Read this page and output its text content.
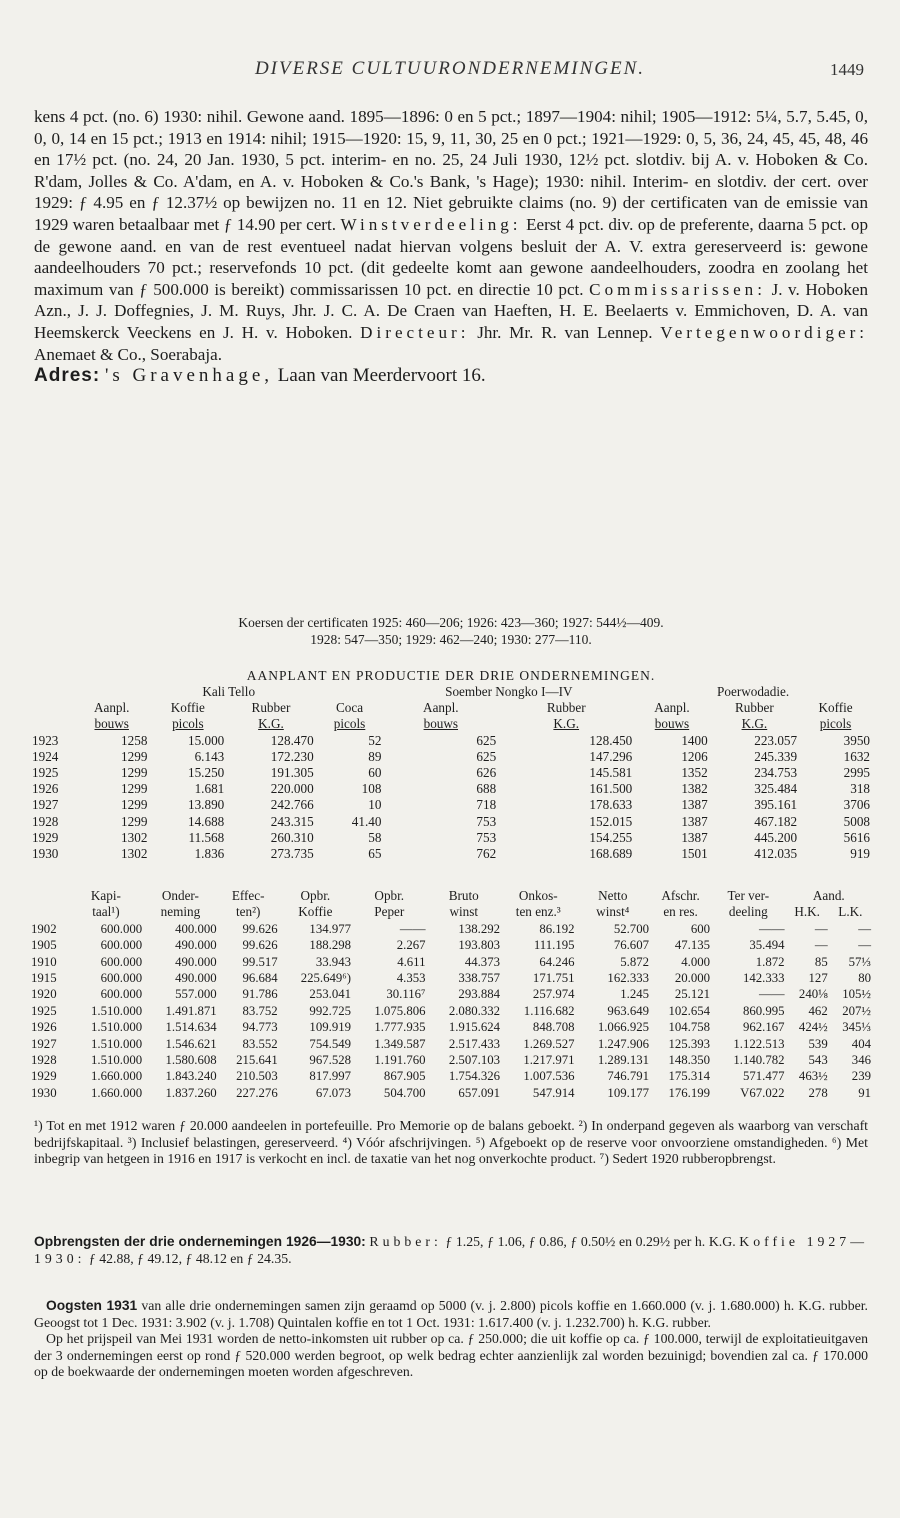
DIVERSE CULTUURONDERNEMINGEN.	1449

kens 4 pct. (no. 6) 1930: nihil. Gewone aand. 1895—1896: 0 en 5 pct.; 1897—1904: nihil; 1905—1912: 5¼, 5.7, 5.45, 0, 0, 0, 14 en 15 pct.; 1913 en 1914: nihil; 1915—1920: 15, 9, 11, 30, 25 en 0 pct.; 1921—1929: 0, 5, 36, 24, 45, 45, 48, 46 en 17½ pct. (no. 24, 20 Jan. 1930, 5 pct. interim- en no. 25, 24 Juli 1930, 12½ pct. slotdiv. bij A. v. Hoboken & Co. R'dam, Jolles & Co. A'dam, en A. v. Hoboken & Co.'s Bank, 's Hage); 1930: nihil. Interim- en slotdiv. der cert. over 1929: ƒ 4.95 en ƒ 12.37½ op bewijzen no. 11 en 12. Niet gebruikte claims (no. 9) der certificaten van de emissie van 1929 waren betaalbaar met ƒ 14.90 per cert. Winstverdeeling: Eerst 4 pct. div. op de preferente, daarna 5 pct. op de gewone aand. en van de rest eventueel nadat hiervan volgens besluit der A. V. extra gereserveerd is: gewone aandeelhouders 70 pct.; reservefonds 10 pct. (dit gedeelte komt aan gewone aandeelhouders, zoodra en zoolang het maximum van ƒ 500.000 is bereikt) commissarissen 10 pct. en directie 10 pct. Commissarissen: J. v. Hoboken Azn., J. J. Doffegnies, J. M. Ruys, Jhr. J. C. A. De Craen van Haeften, H. E. Beelaerts v. Emmichoven, D. A. van Heemskerck Veeckens en J. H. v. Hoboken. Directeur: Jhr. Mr. R. van Lennep. Vertegenwoordiger: Anemaet & Co., Soerabaja.

Adres: 's Gravenhage, Laan van Meerdervoort 16.

Koersen der certificaten 1925: 460—206; 1926: 423—360; 1927: 544½—409.
1928: 547—350; 1929: 462—240; 1930: 277—110.
AANPLANT EN PRODUCTIE DER DRIE ONDERNEMINGEN.
	Kali Tello				Soember Nongko I—IV		Poerwodadie.		
	Aanpl.	Koffie	Rubber	Coca	Aanpl.	Rubber	Aanpl.	Rubber	Koffie
	bouws	picols	K.G.	picols	bouws	K.G.	bouws	K.G.	picols
1923	1258	15.000	128.470	52	625	128.450	1400	223.057	3950
1924	1299	6.143	172.230	89	625	147.296	1206	245.339	1632
1925	1299	15.250	191.305	60	626	145.581	1352	234.753	2995
1926	1299	1.681	220.000	108	688	161.500	1382	325.484	318
1927	1299	13.890	242.766	10	718	178.633	1387	395.161	3706
1928	1299	14.688	243.315	41.40	753	152.015	1387	467.182	5008
1929	1302	11.568	260.310	58	753	154.255	1387	445.200	5616
1930	1302	1.836	273.735	65	762	168.689	1501	412.035	919
	Kapi-	Onder-	Effec-	Opbr.	Opbr.	Bruto	Onkos-	Netto	Afschr.	Ter ver-	Aand.	
	taal¹)	neming	ten²)	Koffie	Peper	winst	ten enz.³	winst⁴	en res.	deeling	H.K.	L.K.
1902	600.000	400.000	99.626	134.977	——	138.292	86.192	52.700	600	——	—	—
1905	600.000	490.000	99.626	188.298	2.267	193.803	111.195	76.607	47.135	35.494	—	—
1910	600.000	490.000	99.517	33.943	4.611	44.373	64.246	5.872	4.000	1.872	85	57⅓
1915	600.000	490.000	96.684	225.649⁶)	4.353	338.757	171.751	162.333	20.000	142.333	127	80
1920	600.000	557.000	91.786	253.041	30.116⁷	293.884	257.974	1.245	25.121	——	240⅛	105½
1925	1.510.000	1.491.871	83.752	992.725	1.075.806	2.080.332	1.116.682	963.649	102.654	860.995	462	207½
1926	1.510.000	1.514.634	94.773	109.919	1.777.935	1.915.624	848.708	1.066.925	104.758	962.167	424½	345⅓
1927	1.510.000	1.546.621	83.552	754.549	1.349.587	2.517.433	1.269.527	1.247.906	125.393	1.122.513	539	404
1928	1.510.000	1.580.608	215.641	967.528	1.191.760	2.507.103	1.217.971	1.289.131	148.350	1.140.782	543	346
1929	1.660.000	1.843.240	210.503	817.997	867.905	1.754.326	1.007.536	746.791	175.314	571.477	463½	239
1930	1.660.000	1.837.260	227.276	67.073	504.700	657.091	547.914	109.177	176.199	V67.022	278	91
¹) Tot en met 1912 waren ƒ 20.000 aandeelen in portefeuille. Pro Memorie op de balans geboekt. ²) In onderpand gegeven als waarborg van verschaft bedrijfskapitaal. ³) Inclusief belastingen, gereserveerd. ⁴) Vóór afschrijvingen. ⁵) Afgeboekt op de reserve voor onvoorziene omstandigheden. ⁶) Met inbegrip van hetgeen in 1916 en 1917 is verkocht en incl. de taxatie van het nog onverkochte product. ⁷) Sedert 1920 rubberopbrengst.
Opbrengsten der drie ondernemingen 1926—1930: Rubber: ƒ 1.25, ƒ 1.06, ƒ 0.86, ƒ 0.50½ en 0.29½ per h. K.G. Koffie 1927—1930: ƒ 42.88, ƒ 49.12, ƒ 48.12 en ƒ 24.35.

Oogsten 1931 van alle drie ondernemingen samen zijn geraamd op 5000 (v. j. 2.800) picols koffie en 1.660.000 (v. j. 1.680.000) h. K.G. rubber. Geoogst tot 1 Dec. 1931: 3.902 (v. j. 1.708) Quintalen koffie en tot 1 Oct. 1931: 1.617.400 (v. j. 1.232.700) h. K.G. rubber.

Op het prijspeil van Mei 1931 worden de netto-inkomsten uit rubber op ca. ƒ 250.000; die uit koffie op ca. ƒ 100.000, terwijl de exploitatieuitgaven der 3 ondernemingen eerst op rond ƒ 520.000 werden begroot, op welk bedrag echter aanzienlijk zal worden bezuinigd; bovendien zal ca. ƒ 170.000 op de boekwaarde der ondernemingen moeten worden afgeschreven.
